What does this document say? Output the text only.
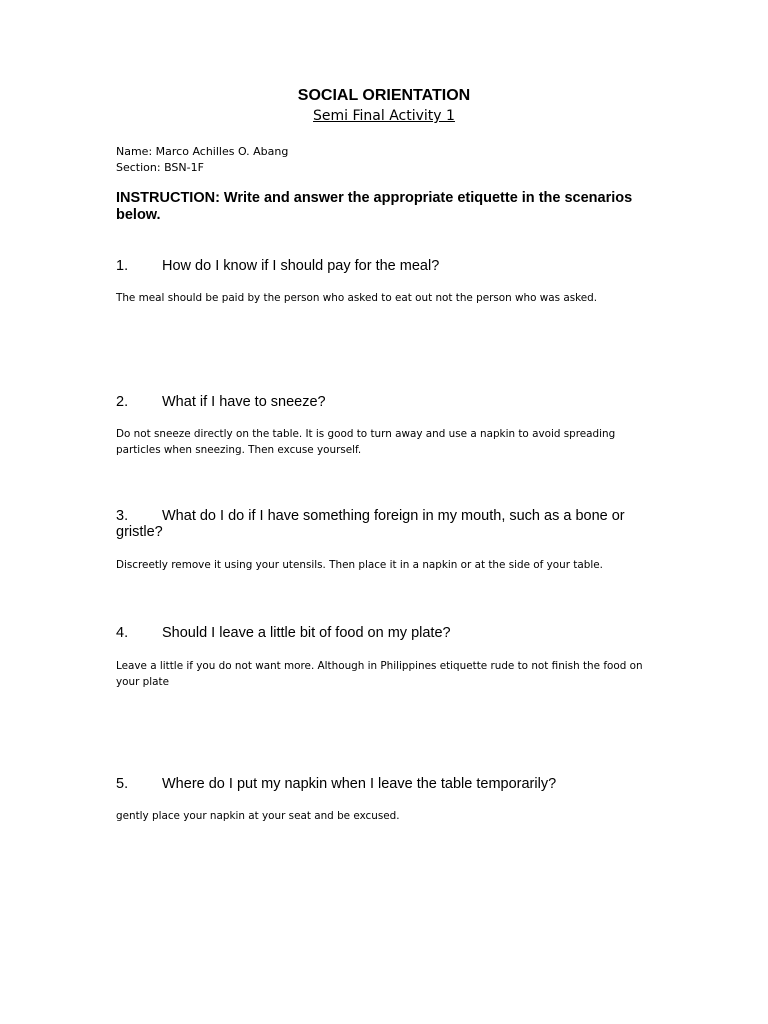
SOCIAL ORIENTATION

Semi Final Activity 1

Name: Marco Achilles O. Abang

Section: BSN-1F

INSTRUCTION: Write and answer the appropriate etiquette in the scenarios below.

1. How do I know if I should pay for the meal?

The meal should be paid by the person who asked to eat out not the person who was asked.

2. What if I have to sneeze?

Do not sneeze directly on the table. It is good to turn away and use a napkin to avoid spreading particles when sneezing. Then excuse yourself.

3. What do I do if I have something foreign in my mouth, such as a bone or gristle?

Discreetly remove it using your utensils. Then place it in a napkin or at the side of your table.

4. Should I leave a little bit of food on my plate?

Leave a little if you do not want more. Although in Philippines etiquette rude to not finish the food on your plate

5. Where do I put my napkin when I leave the table temporarily?

gently place your napkin at your seat and be excused.
